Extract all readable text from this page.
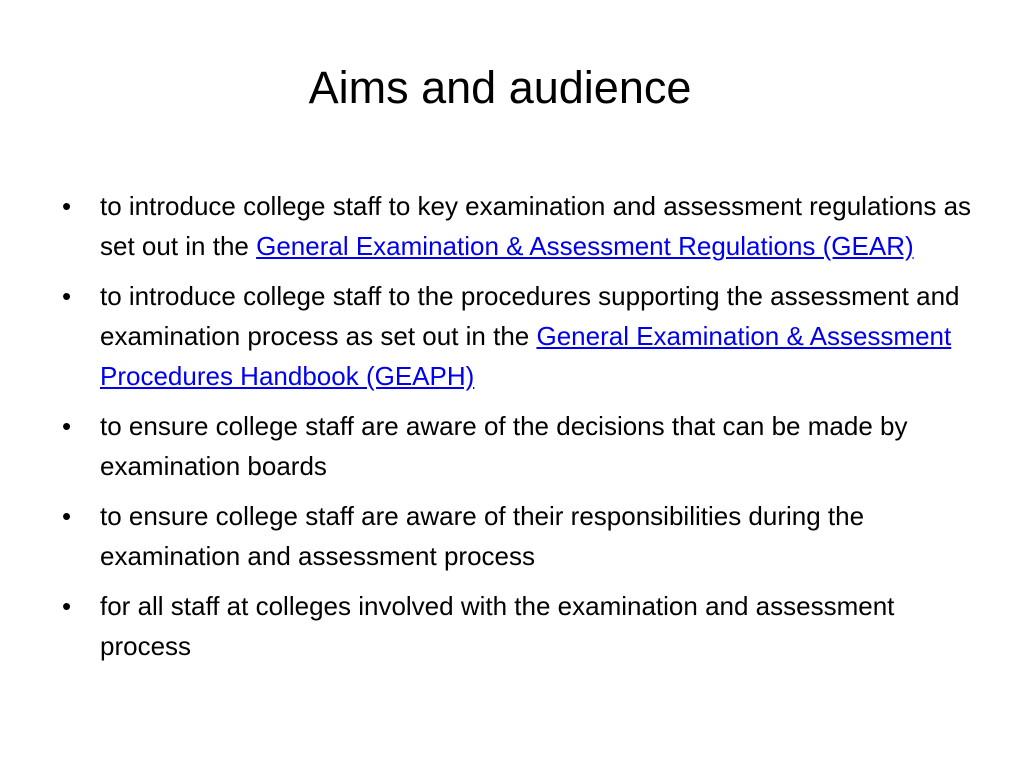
Aims and audience
•	to introduce college staff to key examination and assessment regulations as set out in the General Examination & Assessment Regulations (GEAR)
•	to introduce college staff to the procedures supporting the assessment and examination process as set out in the General Examination & Assessment Procedures Handbook (GEAPH)
•	to ensure college staff are aware of the decisions that can be made by examination boards
•	to ensure college staff are aware of their responsibilities during the examination and assessment process
•	for all staff at colleges involved with the examination and assessment process
